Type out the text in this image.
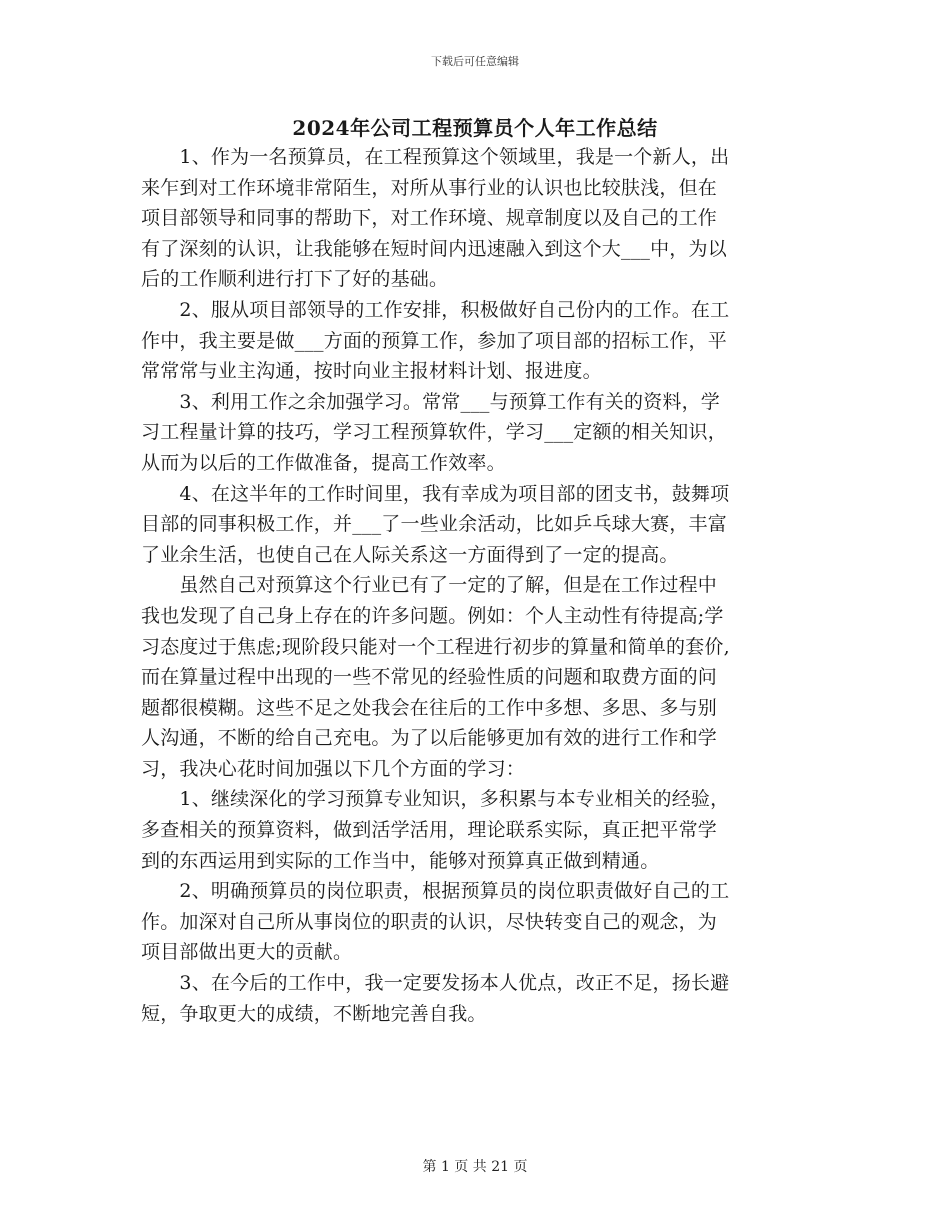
下载后可任意编辑
2024年公司工程预算员个人年工作总结
　　1、作为一名预算员，在工程预算这个领域里，我是一个新人，出
来乍到对工作环境非常陌生，对所从事行业的认识也比较肤浅，但在
项目部领导和同事的帮助下，对工作环境、规章制度以及自己的工作
有了深刻的认识，让我能够在短时间内迅速融入到这个大___中，为以
后的工作顺利进行打下了好的基础。
　　2、服从项目部领导的工作安排，积极做好自己份内的工作。在工
作中，我主要是做___方面的预算工作，参加了项目部的招标工作，平
常常常与业主沟通，按时向业主报材料计划、报进度。
　　3、利用工作之余加强学习。常常___与预算工作有关的资料，学
习工程量计算的技巧，学习工程预算软件，学习___定额的相关知识，
从而为以后的工作做准备，提高工作效率。
　　4、在这半年的工作时间里，我有幸成为项目部的团支书，鼓舞项
目部的同事积极工作，并___了一些业余活动，比如乒乓球大赛，丰富
了业余生活，也使自己在人际关系这一方面得到了一定的提高。
　　虽然自己对预算这个行业已有了一定的了解，但是在工作过程中
我也发现了自己身上存在的许多问题。例如：个人主动性有待提高;学
习态度过于焦虑;现阶段只能对一个工程进行初步的算量和简单的套价,
而在算量过程中出现的一些不常见的经验性质的问题和取费方面的问
题都很模糊。这些不足之处我会在往后的工作中多想、多思、多与别
人沟通，不断的给自己充电。为了以后能够更加有效的进行工作和学
习，我决心花时间加强以下几个方面的学习：
　　1、继续深化的学习预算专业知识，多积累与本专业相关的经验，
多查相关的预算资料，做到活学活用，理论联系实际，真正把平常学
到的东西运用到实际的工作当中，能够对预算真正做到精通。
　　2、明确预算员的岗位职责，根据预算员的岗位职责做好自己的工
作。加深对自己所从事岗位的职责的认识，尽快转变自己的观念，为
项目部做出更大的贡献。
　　3、在今后的工作中，我一定要发扬本人优点，改正不足，扬长避
短，争取更大的成绩，不断地完善自我。
第 1 页 共 21 页
